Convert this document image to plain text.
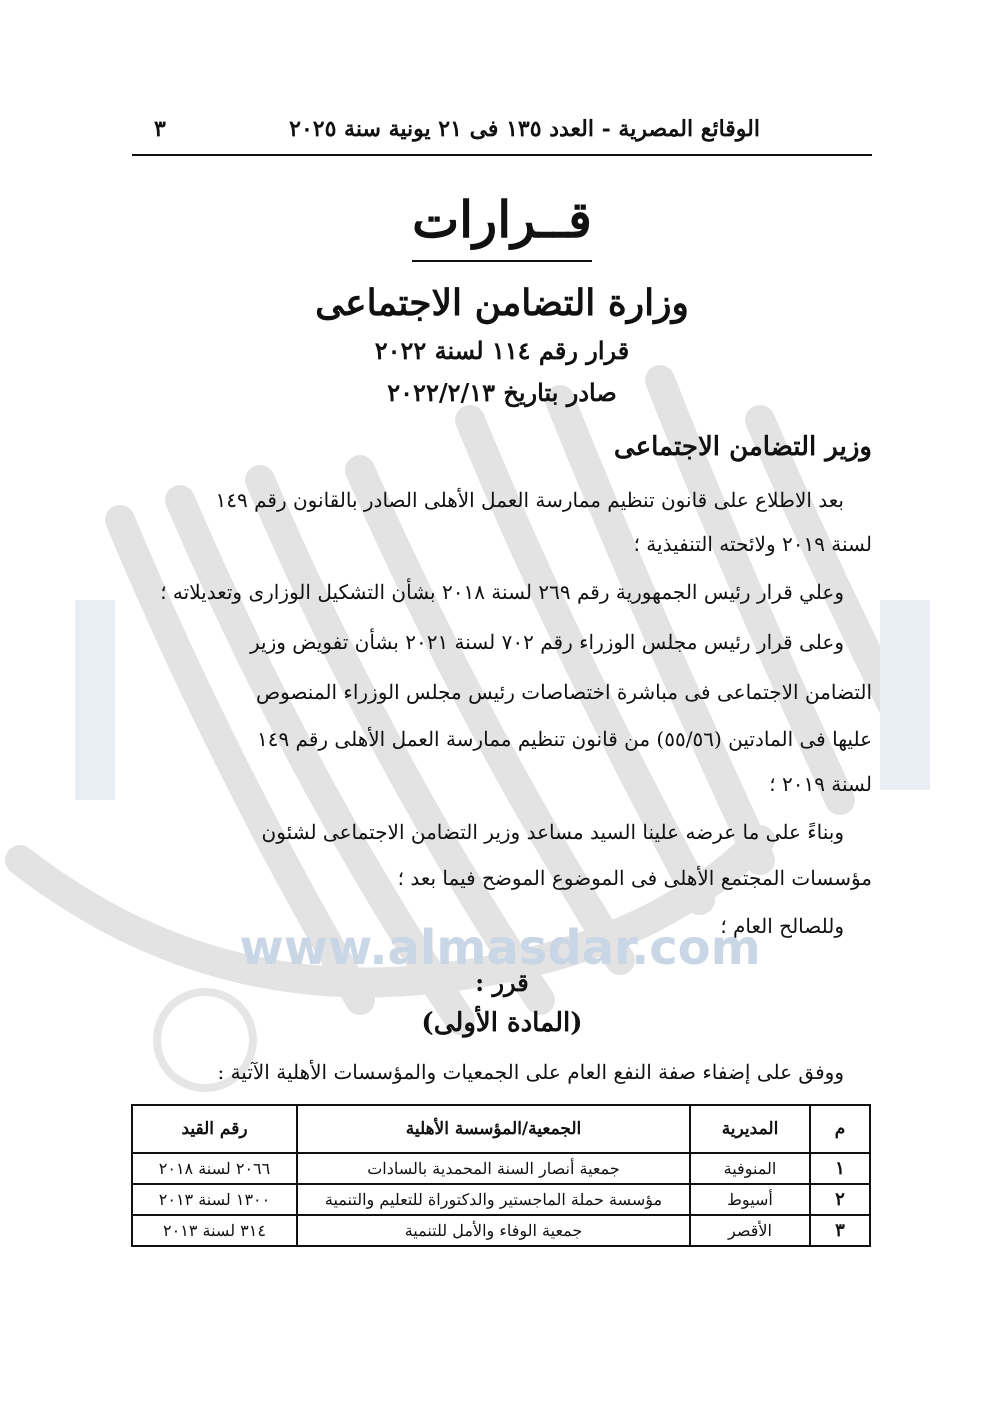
www.almasdar.com
الوقائع المصرية - العدد ١٣٥ فى ٢١ يونية سنة ٢٠٢٥
٣
قــرارات
وزارة التضامن الاجتماعى
قرار رقم ١١٤ لسنة ٢٠٢٢
صادر بتاريخ ٢٠٢٢/٢/١٣
وزير التضامن الاجتماعى
بعد الاطلاع على قانون تنظيم ممارسة العمل الأهلى الصادر بالقانون رقم ١٤٩
لسنة ٢٠١٩ ولائحته التنفيذية ؛
وعلي قرار رئيس الجمهورية رقم ٢٦٩ لسنة ٢٠١٨ بشأن التشكيل الوزارى وتعديلاته ؛
وعلى قرار رئيس مجلس الوزراء رقم ٧٠٢ لسنة ٢٠٢١ بشأن تفويض وزير
التضامن الاجتماعى فى مباشرة اختصاصات رئيس مجلس الوزراء المنصوص
عليها فى المادتين (٥٥/٥٦) من قانون تنظيم ممارسة العمل الأهلى رقم ١٤٩
لسنة ٢٠١٩ ؛
وبناءً على ما عرضه علينا السيد مساعد وزير التضامن الاجتماعى لشئون
مؤسسات المجتمع الأهلى فى الموضوع الموضح فيما بعد ؛
وللصالح العام ؛
قرر :
(المادة الأولى)
ووفق على إضفاء صفة النفع العام على الجمعيات والمؤسسات الأهلية الآتية :
م	المديرية	الجمعية/المؤسسة الأهلية	رقم القيد
١	المنوفية	جمعية أنصار السنة المحمدية بالسادات	٢٠٦٦ لسنة ٢٠١٨
٢	أسيوط	مؤسسة حملة الماجستير والدكتوراة للتعليم والتنمية	١٣٠٠ لسنة ٢٠١٣
٣	الأقصر	جمعية الوفاء والأمل للتنمية	٣١٤ لسنة ٢٠١٣
